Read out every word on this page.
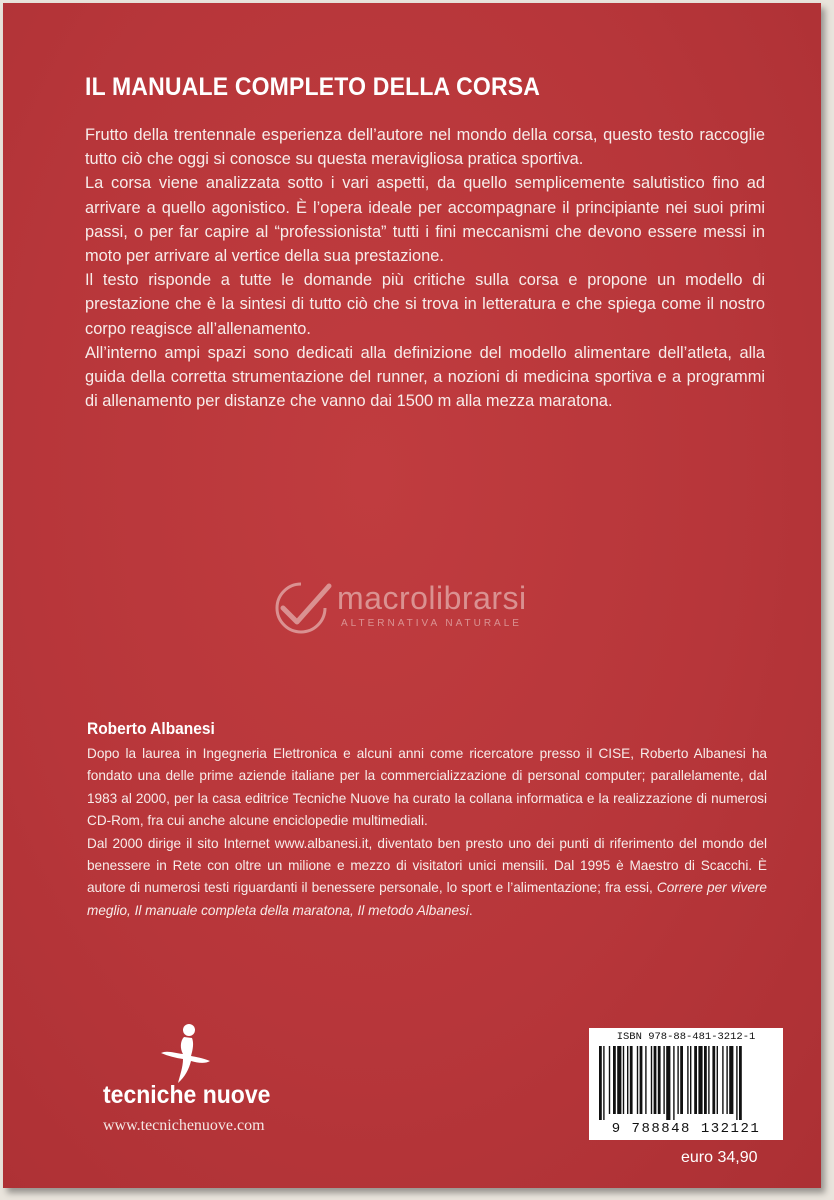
IL MANUALE COMPLETO DELLA CORSA

Frutto della trentennale esperienza dell’autore nel mondo della corsa, questo testo raccoglie tutto ciò che oggi si conosce su questa meravigliosa pratica sportiva.

La corsa viene analizzata sotto i vari aspetti, da quello semplicemente salutistico fino ad arrivare a quello agonistico. È l’opera ideale per accompagnare il principiante nei suoi primi passi, o per far capire al “professionista” tutti i fini meccanismi che devono essere messi in moto per arrivare al vertice della sua prestazione.

Il testo risponde a tutte le domande più critiche sulla corsa e propone un modello di prestazione che è la sintesi di tutto ciò che si trova in letteratura e che spiega come il nostro corpo reagisce all’allenamento.

All’interno ampi spazi sono dedicati alla definizione del modello alimentare dell’atleta, alla guida della corretta strumentazione del runner, a nozioni di medicina sportiva e a programmi di allenamento per distanze che vanno dai 1500 m alla mezza maratona.

macrolibrarsi
ALTERNATIVA NATURALE
Roberto Albanesi

Dopo la laurea in Ingegneria Elettronica e alcuni anni come ricercatore presso il CISE, Roberto Albanesi ha fondato una delle prime aziende italiane per la commercializzazione di personal computer; parallelamente, dal 1983 al 2000, per la casa editrice Tecniche Nuove ha curato la collana informatica e la realizzazione di numerosi CD-Rom, fra cui anche alcune enciclopedie multimediali.

Dal 2000 dirige il sito Internet www.albanesi.it, diventato ben presto uno dei punti di riferimento del mondo del benessere in Rete con oltre un milione e mezzo di visitatori unici mensili. Dal 1995 è Maestro di Scacchi. È autore di numerosi testi riguardanti il benessere personale, lo sport e l’alimentazione; fra essi, Correre per vivere meglio, Il manuale completa della maratona, Il metodo Albanesi.

tecniche nuove
www.tecnichenuove.com
ISBN 978-88-481-3212-1
9 788848 132121
euro 34,90
